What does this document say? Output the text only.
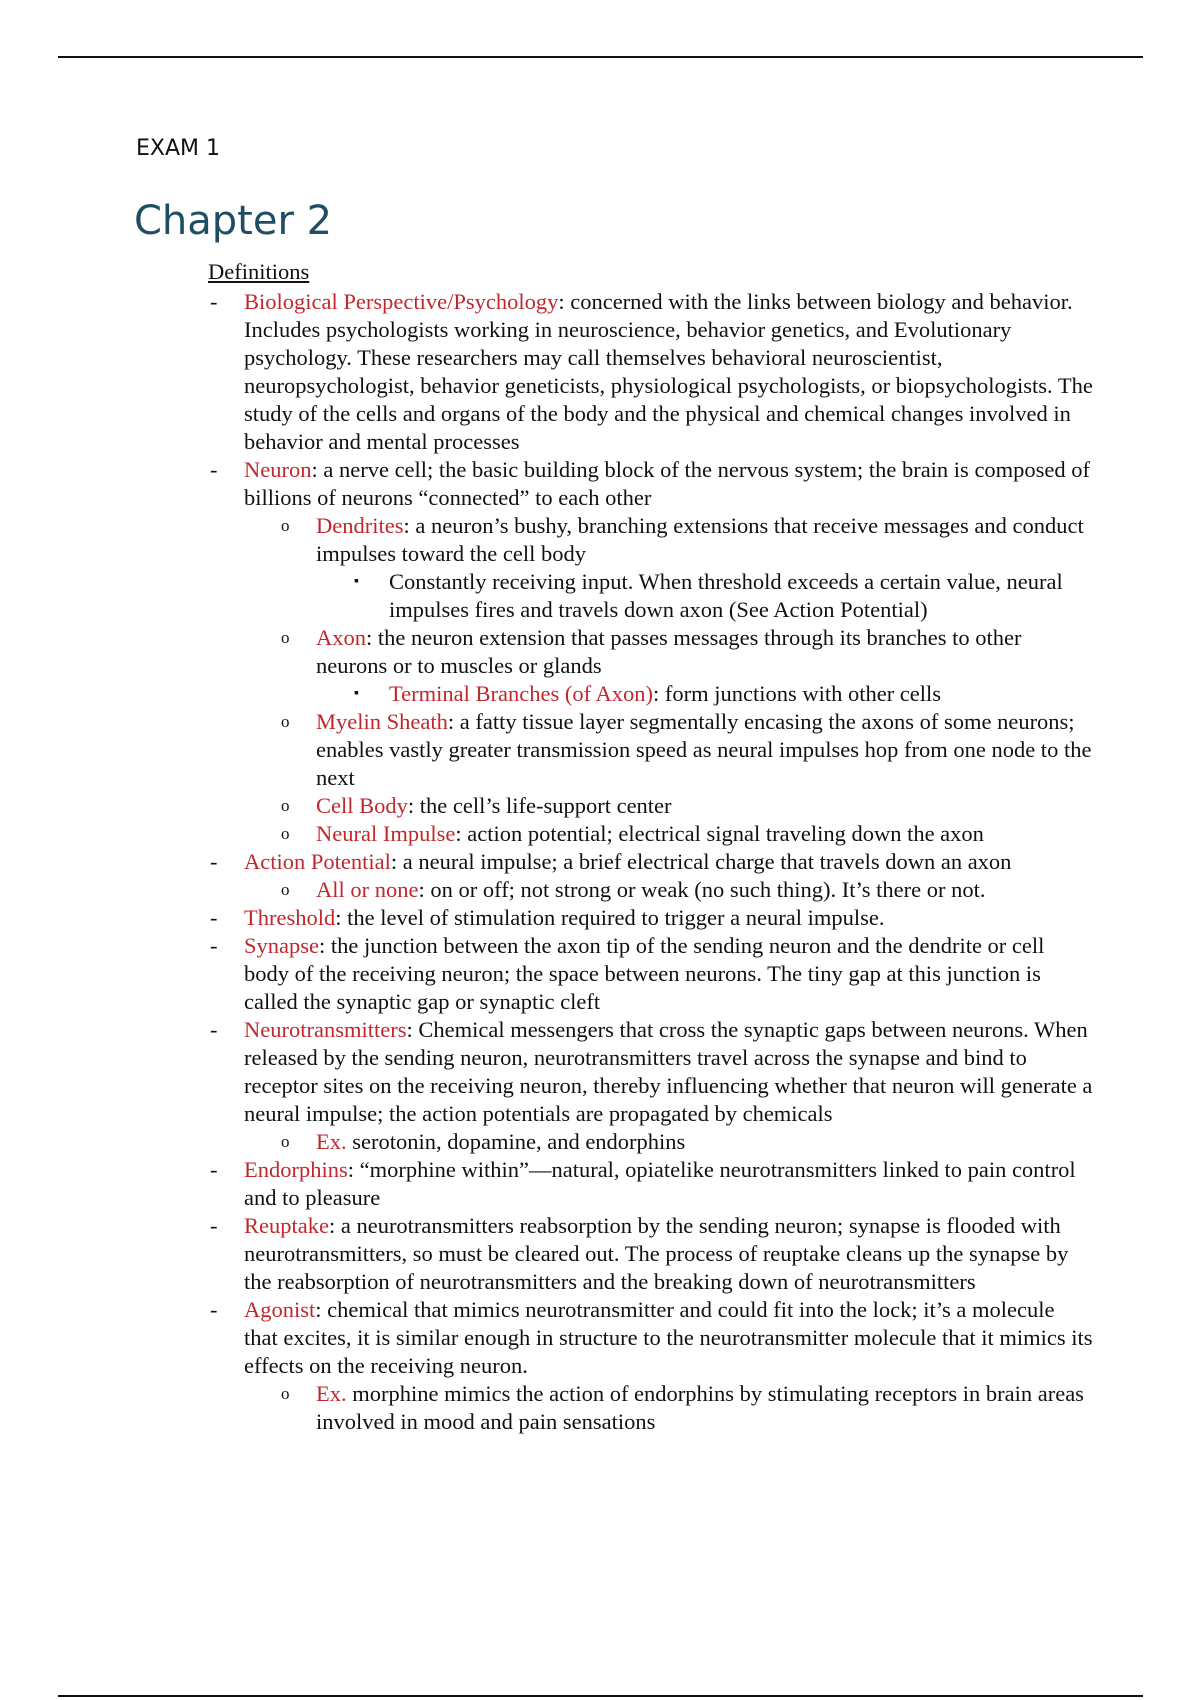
EXAM 1
Chapter 2
Definitions
- Biological Perspective/Psychology: concerned with the links between biology and behavior. Includes psychologists working in neuroscience, behavior genetics, and Evolutionary psychology. These researchers may call themselves behavioral neuroscientist, neuropsychologist, behavior geneticists, physiological psychologists, or biopsychologists. The study of the cells and organs of the body and the physical and chemical changes involved in behavior and mental processes
- Neuron: a nerve cell; the basic building block of the nervous system; the brain is composed of billions of neurons “connected” to each other
o Dendrites: a neuron’s bushy, branching extensions that receive messages and conduct impulses toward the cell body
▪ Constantly receiving input. When threshold exceeds a certain value, neural impulses fires and travels down axon (See Action Potential)
o Axon: the neuron extension that passes messages through its branches to other neurons or to muscles or glands
▪ Terminal Branches (of Axon): form junctions with other cells
o Myelin Sheath: a fatty tissue layer segmentally encasing the axons of some neurons; enables vastly greater transmission speed as neural impulses hop from one node to the next
o Cell Body: the cell’s life-support center
o Neural Impulse: action potential; electrical signal traveling down the axon
- Action Potential: a neural impulse; a brief electrical charge that travels down an axon
o All or none: on or off; not strong or weak (no such thing). It’s there or not.
- Threshold: the level of stimulation required to trigger a neural impulse.
- Synapse: the junction between the axon tip of the sending neuron and the dendrite or cell body of the receiving neuron; the space between neurons. The tiny gap at this junction is called the synaptic gap or synaptic cleft
- Neurotransmitters: Chemical messengers that cross the synaptic gaps between neurons. When released by the sending neuron, neurotransmitters travel across the synapse and bind to receptor sites on the receiving neuron, thereby influencing whether that neuron will generate a neural impulse; the action potentials are propagated by chemicals
o Ex. serotonin, dopamine, and endorphins
- Endorphins: “morphine within”—natural, opiatelike neurotransmitters linked to pain control and to pleasure
- Reuptake: a neurotransmitters reabsorption by the sending neuron; synapse is flooded with neurotransmitters, so must be cleared out. The process of reuptake cleans up the synapse by the reabsorption of neurotransmitters and the breaking down of neurotransmitters
- Agonist: chemical that mimics neurotransmitter and could fit into the lock; it’s a molecule that excites, it is similar enough in structure to the neurotransmitter molecule that it mimics its effects on the receiving neuron.
o Ex. morphine mimics the action of endorphins by stimulating receptors in brain areas involved in mood and pain sensations
